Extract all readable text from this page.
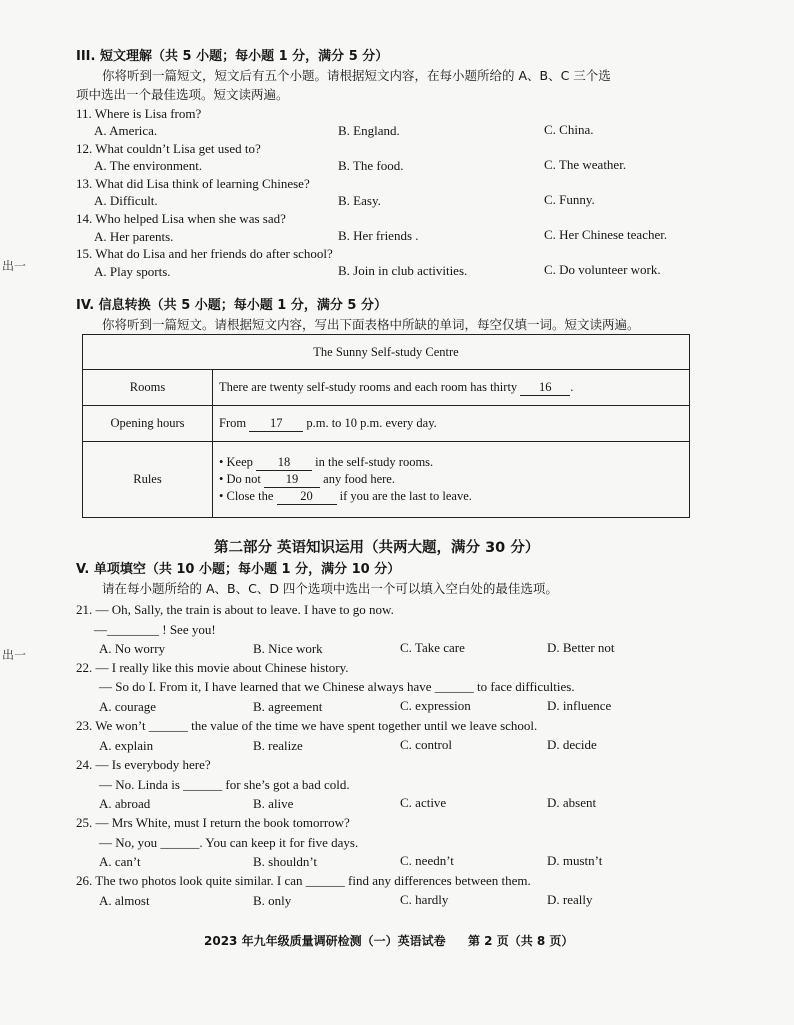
出一
出一
III. 短文理解（共 5 小题；每小题 1 分，满分 5 分）
你将听到一篇短文，短文后有五个小题。请根据短文内容，在每小题所给的 A、B、C 三个选
项中选出一个最佳选项。短文读两遍。
11. Where is Lisa from?
A. America.	B. England.	C. China.
12. What couldn’t Lisa get used to?
A. The environment.	B. The food.	C. The weather.
13. What did Lisa think of learning Chinese?
A. Difficult.	B. Easy.	C. Funny.
14. Who helped Lisa when she was sad?
A. Her parents.	B. Her friends .	C. Her Chinese teacher.
15. What do Lisa and her friends do after school?
A. Play sports.	B. Join in club activities.	C. Do volunteer work.
IV. 信息转换（共 5 小题；每小题 1 分，满分 5 分）
你将听到一篇短文。请根据短文内容，写出下面表格中所缺的单词，每空仅填一词。短文读两遍。
The Sunny Self-study Centre	
Rooms	There are twenty self-study rooms and each room has thirty 16 .
Opening hours	From 17 p.m. to 10 p.m. every day.
Rules	• Keep 18 in the self-study rooms.
• Do not 19 any food here.
• Close the 20 if you are the last to leave.
第二部分 英语知识运用（共两大题，满分 30 分）
V. 单项填空（共 10 小题；每小题 1 分，满分 10 分）
请在每小题所给的 A、B、C、D 四个选项中选出一个可以填入空白处的最佳选项。
21. — Oh, Sally, the train is about to leave. I have to go now.
—________ ! See you!
A. No worry	B. Nice work	C. Take care	D. Better not
22. — I really like this movie about Chinese history.
— So do I. From it, I have learned that we Chinese always have ______ to face difficulties.
A. courage	B. agreement	C. expression	D. influence
23. We won’t ______ the value of the time we have spent together until we leave school.
A. explain	B. realize	C. control	D. decide
24. — Is everybody here?
— No. Linda is ______ for she’s got a bad cold.
A. abroad	B. alive	C. active	D. absent
25. — Mrs White, must I return the book tomorrow?
— No, you ______. You can keep it for five days.
A. can’t	B. shouldn’t	C. needn’t	D. mustn’t
26. The two photos look quite similar. I can ______ find any differences between them.
A. almost	B. only	C. hardly	D. really
2023 年九年级质量调研检测（一）英语试卷 第 2 页（共 8 页）
